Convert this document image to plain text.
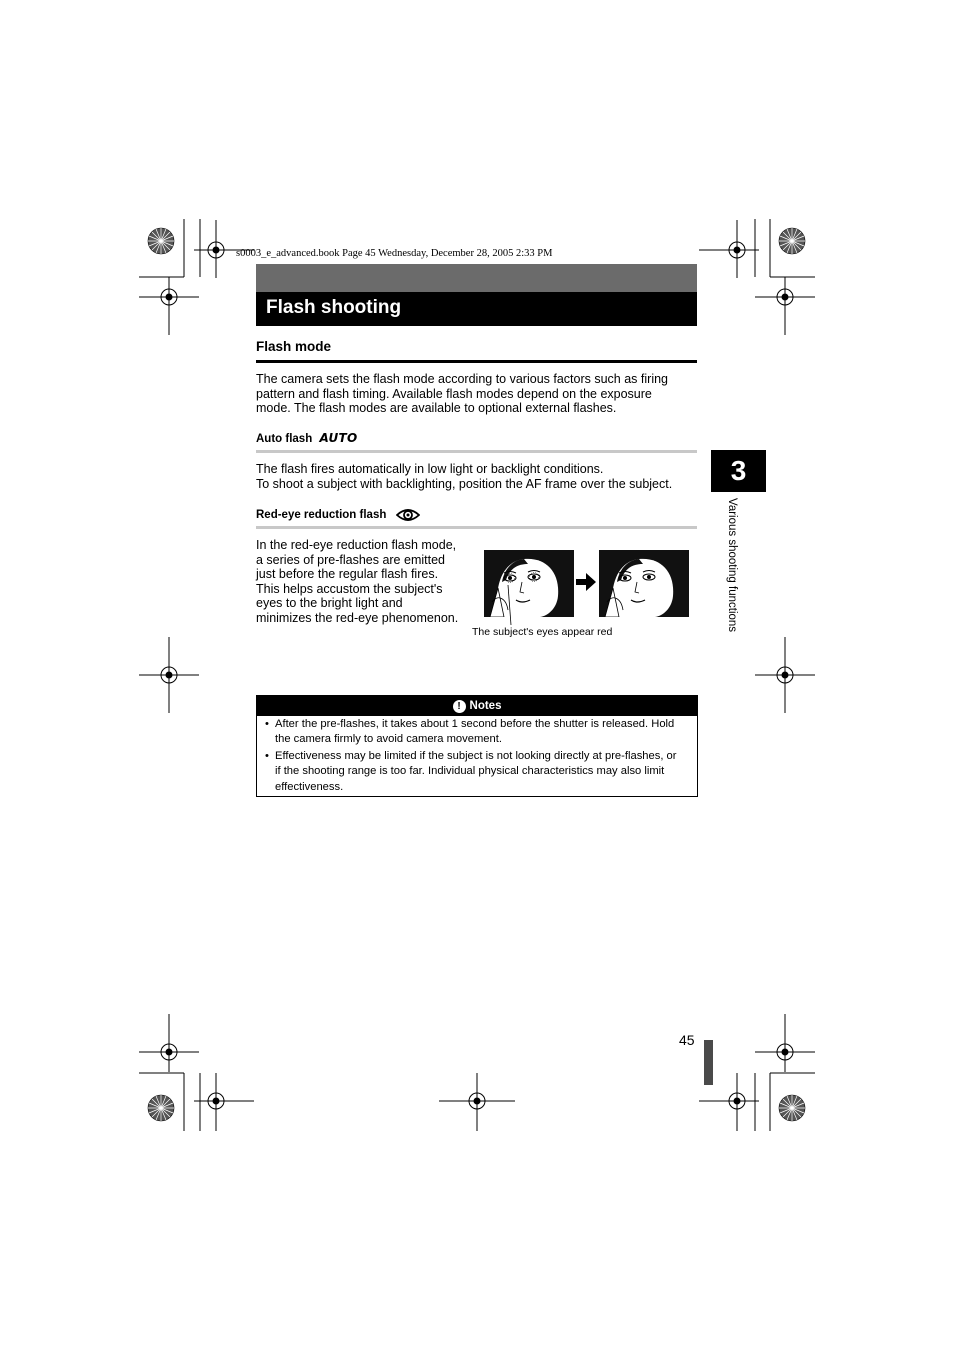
s0003_e_advanced.book Page 45 Wednesday, December 28, 2005 2:33 PM
Flash shooting
Flash mode

The camera sets the flash mode according to various factors such as firing pattern and flash timing. Available flash modes depend on the exposure mode. The flash modes are available to optional external flashes.

Auto flash AUTO
The flash fires automatically in low light or backlight conditions.
To shoot a subject with backlighting, position the AF frame over the subject.
Red-eye reduction flash

In the red-eye reduction flash mode, a series of pre-flashes are emitted just before the regular flash fires. This helps accustom the subject's eyes to the bright light and minimizes the red-eye phenomenon.

The subject's eyes appear red
! Notes
• After the pre-flashes, it takes about 1 second before the shutter is released. Hold the camera firmly to avoid camera movement.
• Effectiveness may be limited if the subject is not looking directly at pre-flashes, or if the shooting range is too far. Individual physical characteristics may also limit effectiveness.
3
Various shooting functions
45
